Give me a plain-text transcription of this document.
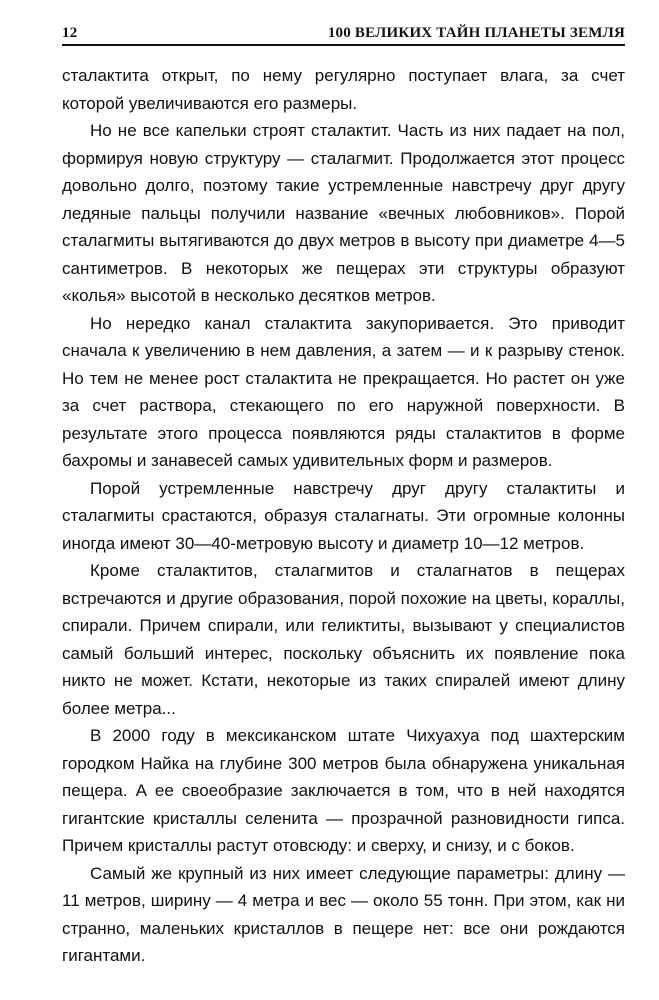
12	100 ВЕЛИКИХ ТАЙН ПЛАНЕТЫ ЗЕМЛЯ

сталактита открыт, по нему регулярно поступает влага, за счет которой увеличиваются его размеры.

Но не все капельки строят сталактит. Часть из них падает на пол, формируя новую структуру — сталагмит. Продолжается этот процесс довольно долго, поэтому такие устремленные навстречу друг другу ледяные пальцы получили название «вечных любовников». Порой сталагмиты вытягиваются до двух метров в высоту при диаметре 4—5 сантиметров. В некоторых же пещерах эти структуры образуют «колья» высотой в несколько десятков метров.

Но нередко канал сталактита закупоривается. Это приводит сначала к увеличению в нем давления, а затем — и к разрыву стенок. Но тем не менее рост сталактита не прекращается. Но растет он уже за счет раствора, стекающего по его наружной поверхности. В результате этого процесса появляются ряды сталактитов в форме бахромы и занавесей самых удивительных форм и размеров.

Порой устремленные навстречу друг другу сталактиты и сталагмиты срастаются, образуя сталагнаты. Эти огромные колонны иногда имеют 30—40-метровую высоту и диаметр 10—12 метров.

Кроме сталактитов, сталагмитов и сталагнатов в пещерах встречаются и другие образования, порой похожие на цветы, кораллы, спирали. Причем спирали, или геликтиты, вызывают у специалистов самый больший интерес, поскольку объяснить их появление пока никто не может. Кстати, некоторые из таких спиралей имеют длину более метра...

В 2000 году в мексиканском штате Чихуахуа под шахтерским городком Найка на глубине 300 метров была обнаружена уникальная пещера. А ее своеобразие заключается в том, что в ней находятся гигантские кристаллы селенита — прозрачной разновидности гипса. Причем кристаллы растут отовсюду: и сверху, и снизу, и с боков.

Самый же крупный из них имеет следующие параметры: длину — 11 метров, ширину — 4 метра и вес — около 55 тонн. При этом, как ни странно, маленьких кристаллов в пещере нет: все они рождаются гигантами.
